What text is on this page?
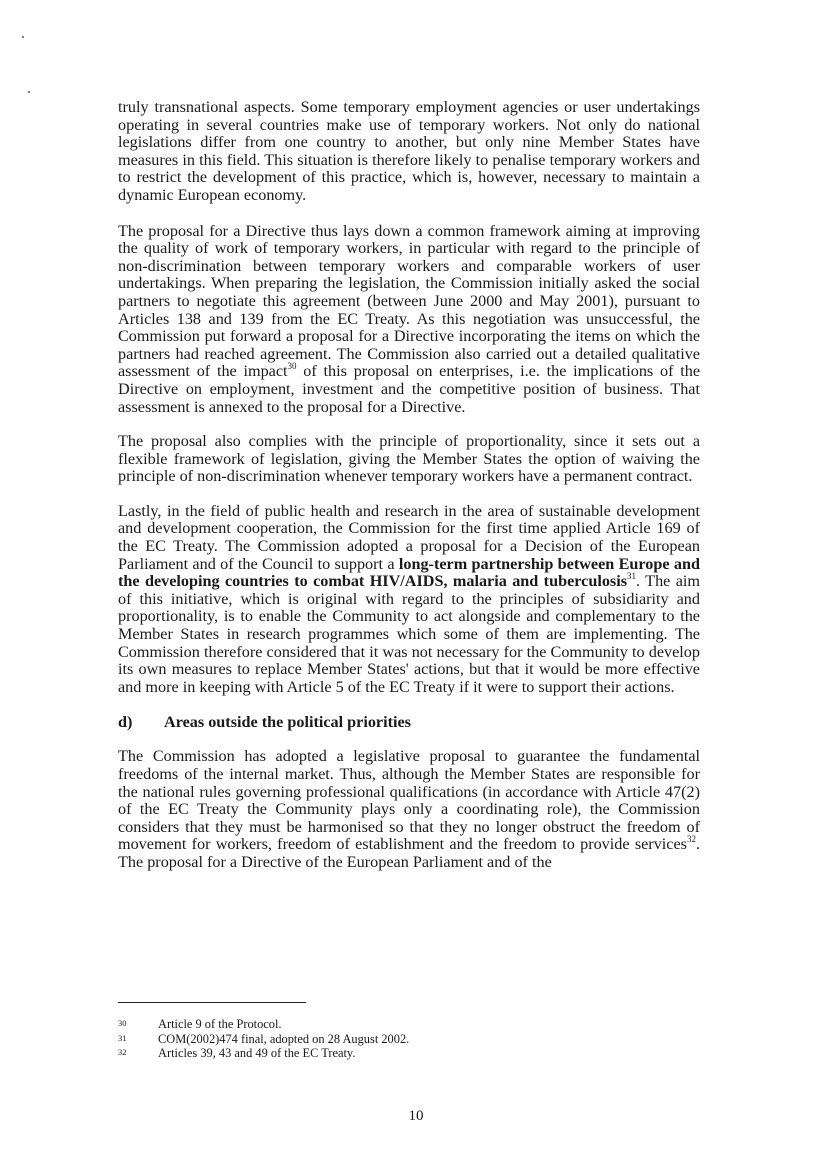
truly transnational aspects. Some temporary employment agencies or user undertakings operating in several countries make use of temporary workers. Not only do national legislations differ from one country to another, but only nine Member States have measures in this field. This situation is therefore likely to penalise temporary workers and to restrict the development of this practice, which is, however, necessary to maintain a dynamic European economy.

The proposal for a Directive thus lays down a common framework aiming at improving the quality of work of temporary workers, in particular with regard to the principle of non-discrimination between temporary workers and comparable workers of user undertakings. When preparing the legislation, the Commission initially asked the social partners to negotiate this agreement (between June 2000 and May 2001), pursuant to Articles 138 and 139 from the EC Treaty. As this negotiation was unsuccessful, the Commission put forward a proposal for a Directive incorporating the items on which the partners had reached agreement. The Commission also carried out a detailed qualitative assessment of the impact$^{30}$ of this proposal on enterprises, i.e. the implications of the Directive on employment, investment and the competitive position of business. That assessment is annexed to the proposal for a Directive.

The proposal also complies with the principle of proportionality, since it sets out a flexible framework of legislation, giving the Member States the option of waiving the principle of non-discrimination whenever temporary workers have a permanent contract.

Lastly, in the field of public health and research in the area of sustainable development and development cooperation, the Commission for the first time applied Article 169 of the EC Treaty. The Commission adopted a proposal for a Decision of the European Parliament and of the Council to support a long-term partnership between Europe and the developing countries to combat HIV/AIDS, malaria and tuberculosis$^{31}$. The aim of this initiative, which is original with regard to the principles of subsidiarity and proportionality, is to enable the Community to act alongside and complementary to the Member States in research programmes which some of them are implementing. The Commission therefore considered that it was not necessary for the Community to develop its own measures to replace Member States' actions, but that it would be more effective and more in keeping with Article 5 of the EC Treaty if it were to support their actions.

d)	Areas outside the political priorities

The Commission has adopted a legislative proposal to guarantee the fundamental freedoms of the internal market. Thus, although the Member States are responsible for the national rules governing professional qualifications (in accordance with Article 47(2) of the EC Treaty the Community plays only a coordinating role), the Commission considers that they must be harmonised so that they no longer obstruct the freedom of movement for workers, freedom of establishment and the freedom to provide services$^{32}$. The proposal for a Directive of the European Parliament and of the

30	Article 9 of the Protocol.
31	COM(2002)474 final, adopted on 28 August 2002.
32	Articles 39, 43 and 49 of the EC Treaty.
10
